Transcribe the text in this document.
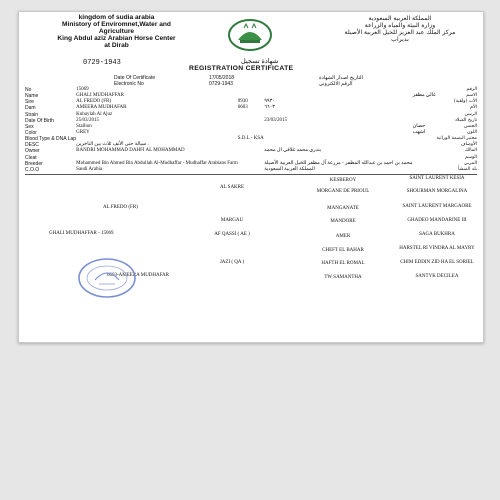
kingdom of sudia arabia
Ministory of Enviromnet,Water and
Agriculture
King Abdul aziz Arabian Horse Center
at Dirab
المملكة العربية السعودية
وزارة البيئة والمياه والزراعة
مركز الملك عبد العزيز للخيل العربية الأصيلة
بديراب
0729-1943	شهادة تسجيل
REGISTRATION CERTIFICATE
Date Of Certificate	17/05/2018	التاريخ اصدار الشهادة
Electronic No	0729-1943	الرقم الالكتروني
No	15069				الرقم
Name	GHALI MUDHAFFAR			غالي مظفر	الاسم
Sire	AL FREDO (FR)	9930	٩٩٣٠		(ولقبة) الأب
Dam	AMEERA MUDHAFAR	6603	٦٦٠٣		الأم
Strain	Kuhaylah Al Ajuz				الرسن
Date Of Birth	25/03/2015		23/03/2015		تاريخ الميلاد
Sex	Stallion			حصان	الجنس
Color	GREY			اشهب	اللون
Blood Type & DNA Lap		S.D.L - KSA			مختبر البصمة الوراثية
DESC	سيالة حتى الأنف ثلاث بين الناخرين .				الأوصاف
Owner	BANDRI MOHAMMAD DAHFI AL MOHAMMAD		بندري محمد غلافي ال محمد		المالك
Cleat					الوسم
Breeder	Mohammed Bin Ahmed Bin Abdullah Al-Mudhaffar - Mudhaffar Arabians Farm		محمد بن احمد بن عبدالله المظفر - مزرعة آل مظفر للخيل العربية الأصيلة		المربي
C.O.O	Saudi Arabia		المملكة العربية السعودية		بلد المنشأ
GHALI MUDHAFFAR - 15069
AL FREDO (FR)
6603-AMEERA MUDHAFAR
AL SAKRE
MARGAU
AF QASSI ( AE )
JAZI ( QA )
KESBEROY
MORGANE DE PRIOUL
MANGANATE
MANDORE
AMER
CHEFT EL BAHAR
HAFTH EL ROMAL
TW SAMANTHA
SAINT LAURENT KESIA
SHOURMAN MORGALINA
SAINT LAURENT MARGAORE
GHADEO MANDARINE III
SAGA BUKHRA
HARSTEL RI VINDRA AL MAYRY
CHIM EDDIN ZID HA EL SORIEL
SANTYK DECILEA
